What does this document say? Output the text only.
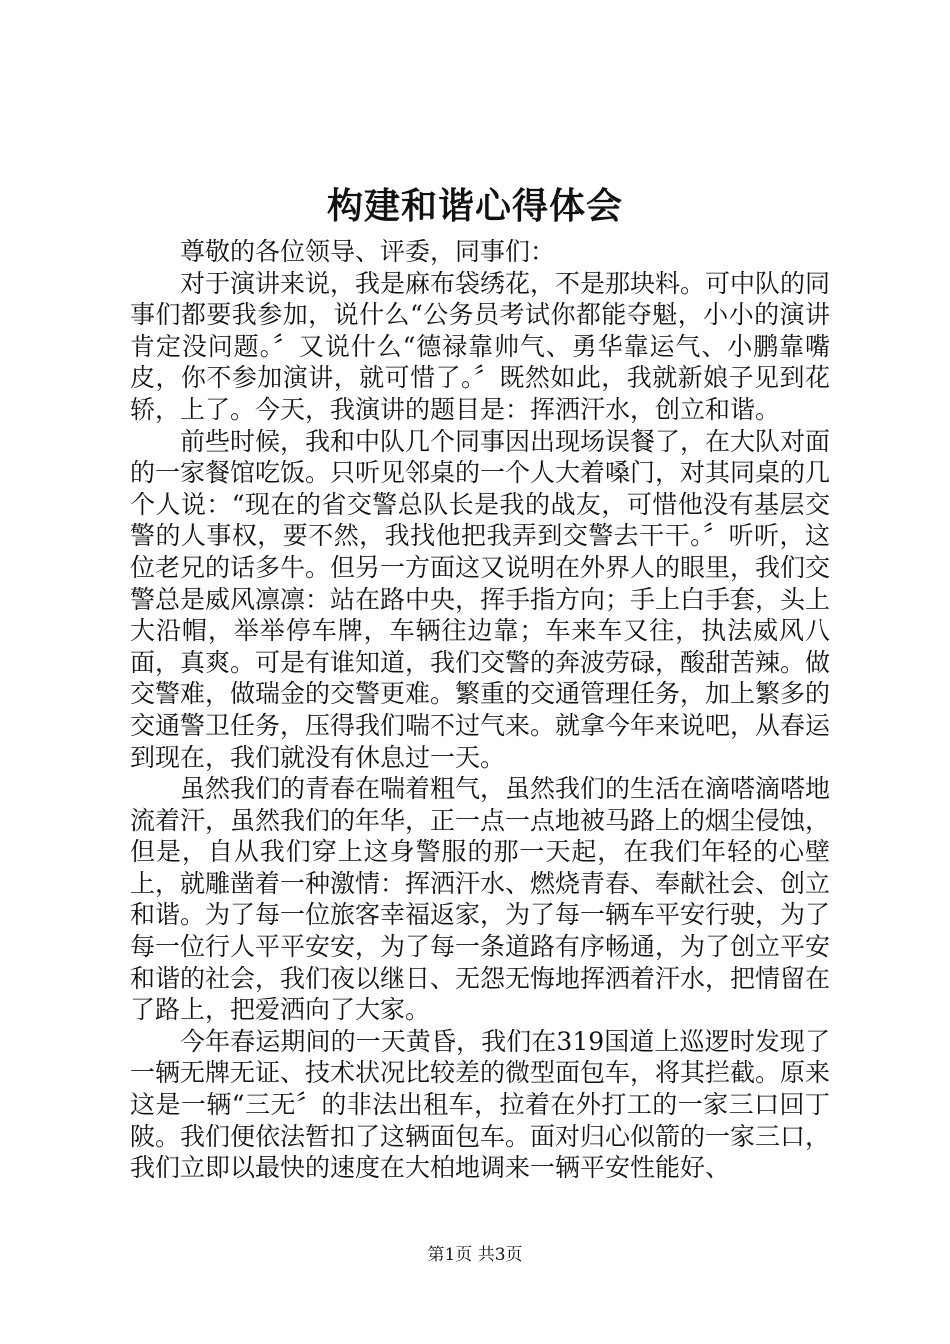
构建和谐心得体会

尊敬的各位领导、评委，同事们：

对于演讲来说，我是麻布袋绣花，不是那块料。可中队的同事们都要我参加，说什么“公务员考试你都能夺魁，小小的演讲肯定没问题。〞又说什么“德禄靠帅气、勇华靠运气、小鹏靠嘴皮，你不参加演讲，就可惜了。〞既然如此，我就新娘子见到花轿，上了。今天，我演讲的题目是：挥洒汗水，创立和谐。

前些时候，我和中队几个同事因出现场误餐了，在大队对面的一家餐馆吃饭。只听见邻桌的一个人大着嗓门，对其同桌的几个人说：“现在的省交警总队长是我的战友，可惜他没有基层交警的人事权，要不然，我找他把我弄到交警去干干。〞听听，这位老兄的话多牛。但另一方面这又说明在外界人的眼里，我们交警总是威风凛凛：站在路中央，挥手指方向；手上白手套，头上大沿帽，举举停车牌，车辆往边靠；车来车又往，执法威风八面，真爽。可是有谁知道，我们交警的奔波劳碌，酸甜苦辣。做交警难，做瑞金的交警更难。繁重的交通管理任务，加上繁多的交通警卫任务，压得我们喘不过气来。就拿今年来说吧，从春运到现在，我们就没有休息过一天。

虽然我们的青春在喘着粗气，虽然我们的生活在滴嗒滴嗒地流着汗，虽然我们的年华，正一点一点地被马路上的烟尘侵蚀，但是，自从我们穿上这身警服的那一天起，在我们年轻的心壁上，就雕凿着一种激情：挥洒汗水、燃烧青春、奉献社会、创立和谐。为了每一位旅客幸福返家，为了每一辆车平安行驶，为了每一位行人平平安安，为了每一条道路有序畅通，为了创立平安和谐的社会，我们夜以继日、无怨无悔地挥洒着汗水，把情留在了路上，把爱洒向了大家。

今年春运期间的一天黄昏，我们在319国道上巡逻时发现了一辆无牌无证、技术状况比较差的微型面包车，将其拦截。原来这是一辆“三无〞的非法出租车，拉着在外打工的一家三口回丁陂。我们便依法暂扣了这辆面包车。面对归心似箭的一家三口，我们立即以最快的速度在大柏地调来一辆平安性能好、

第1页 共3页
